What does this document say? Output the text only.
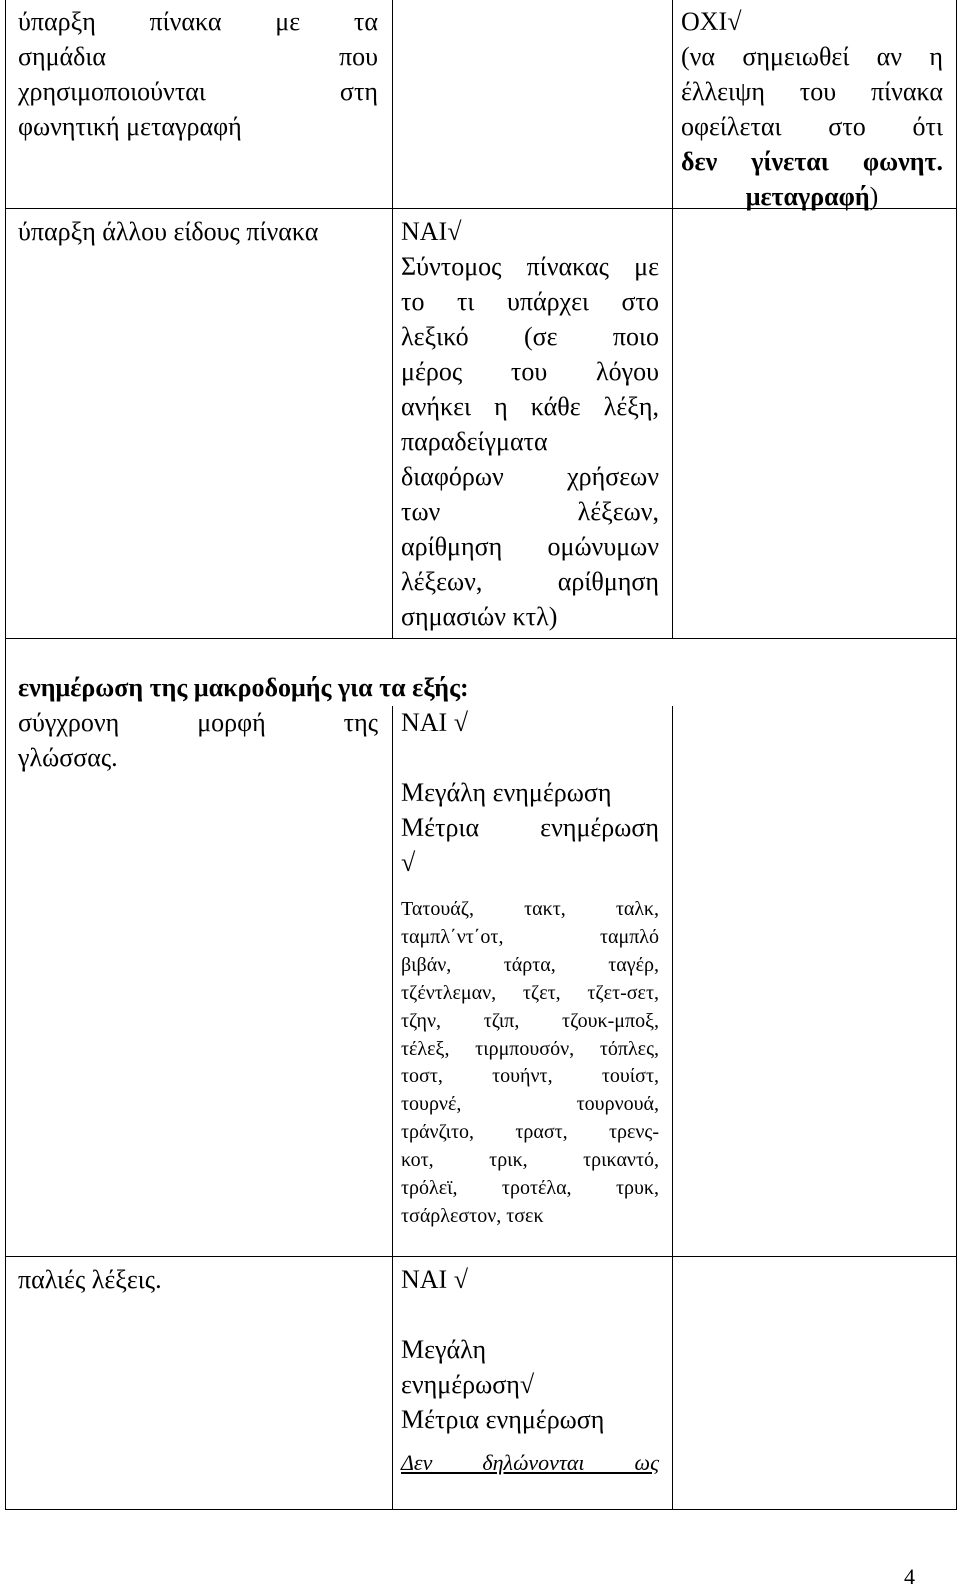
ύπαρξη πίνακα με τα
σημάδια που
χρησιμοποιούνται στη
φωνητική μεταγραφή
ΟΧΙ√
(να σημειωθεί αν η
έλλειψη του πίνακα
οφείλεται στο ότι
δεν γίνεται φωνητ.
μεταγραφή)
ύπαρξη άλλου είδους πίνακα	ΝΑΙ√
Σύντομος πίνακας με
το τι υπάρχει στο
λεξικό (σε ποιο
μέρος του λόγου
ανήκει η κάθε λέξη,
παραδείγματα
διαφόρων χρήσεων
των λέξεων,
αρίθμηση ομώνυμων
λέξεων, αρίθμηση
σημασιών κτλ)
ενημέρωση της μακροδομής για τα εξής:
σύγχρονη μορφή της
γλώσσας.
ΝΑΙ √

Μεγάλη ενημέρωση
Μέτρια ενημέρωση
√
Τατουάζ, τακτ, ταλκ,
ταμπλ΄ντ΄οτ, ταμπλό
βιβάν, τάρτα, ταγέρ,
τζέντλεμαν, τζετ, τζετ-σετ,
τζην, τζιπ, τζουκ-μποξ,
τέλεξ, τιρμπουσόν, τόπλες,
τοστ, τουήντ, τουίστ,
τουρνέ, τουρνουά,
τράνζιτο, τραστ, τρενς-
κοτ, τρικ, τρικαντό,
τρόλεϊ, τροτέλα, τρυκ,
τσάρλεστον, τσεκ
παλιές λέξεις.	ΝΑΙ √

Μεγάλη
ενημέρωση√
Μέτρια ενημέρωση

Δεν δηλώνονται ως
4
